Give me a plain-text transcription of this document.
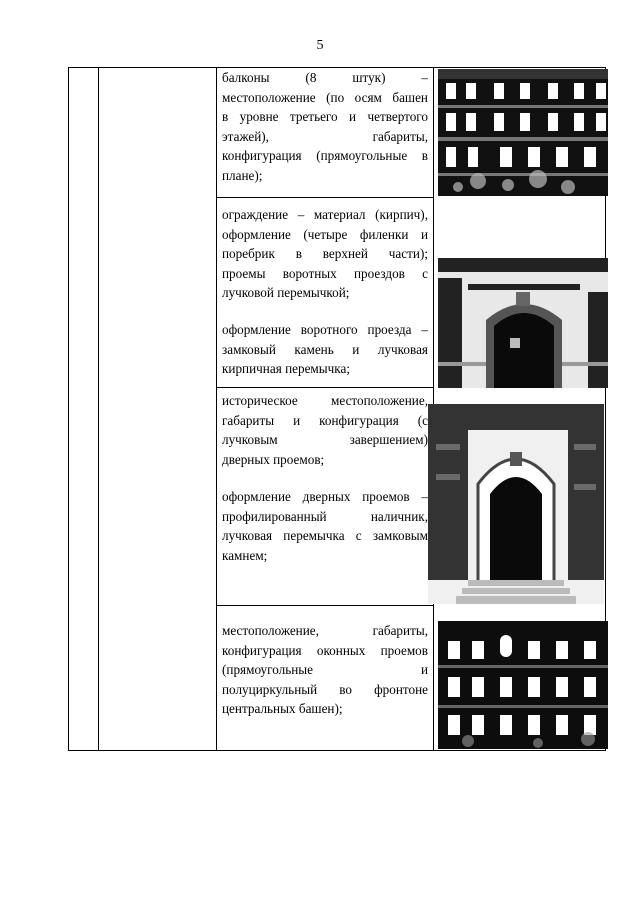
5
балконы (8 штук) –
местоположение (по осям башен
в уровне третьего и четвертого
этажей), габариты,
конфигурация (прямоугольные в
плане);
ограждение – материал (кирпич),
оформление (четыре филенки и
поребрик в верхней части);
проемы воротных проездов с
лучковой перемычкой;
оформление воротного проезда –
замковый камень и лучковая
кирпичная перемычка;
историческое местоположение,
габариты и конфигурация (с
лучковым завершением)
дверных проемов;
оформление дверных проемов –
профилированный наличник,
лучковая перемычка с замковым
камнем;
местоположение, габариты,
конфигурация оконных проемов
(прямоугольные и
полуциркульный во фронтоне
центральных башен);
